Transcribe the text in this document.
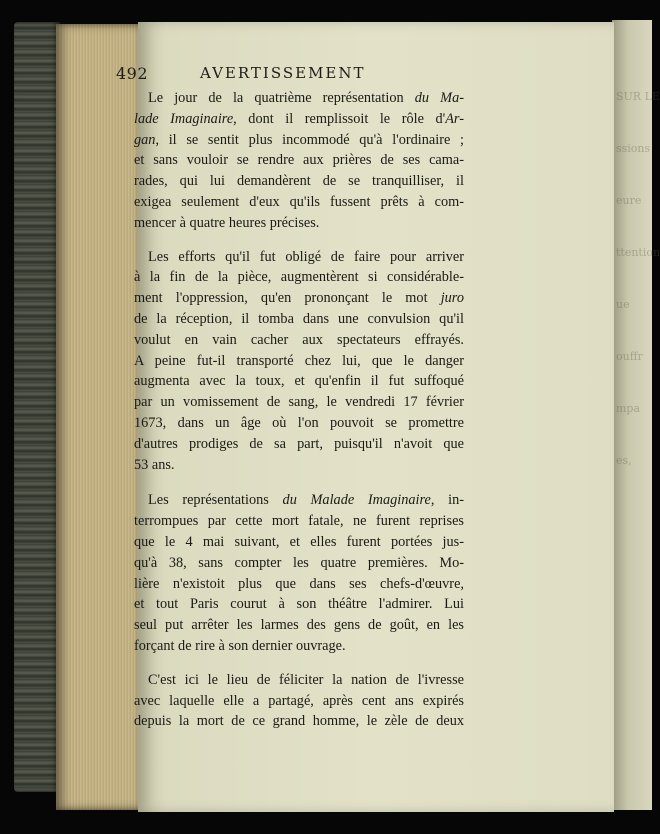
SUR LE
ssions
eure
ttention
ue
ouffr
mpa
es,
492	AVERTISSEMENT
Le jour de la quatrième représentation du Ma-
lade Imaginaire, dont il remplissoit le rôle d'Ar-
gan, il se sentit plus incommodé qu'à l'ordinaire ;
et sans vouloir se rendre aux prières de ses cama-
rades, qui lui demandèrent de se tranquilliser, il
exigea seulement d'eux qu'ils fussent prêts à com-
mencer à quatre heures précises.
Les efforts qu'il fut obligé de faire pour arriver
à la fin de la pièce, augmentèrent si considérable-
ment l'oppression, qu'en prononçant le mot juro
de la réception, il tomba dans une convulsion qu'il
voulut en vain cacher aux spectateurs effrayés.
A peine fut-il transporté chez lui, que le danger
augmenta avec la toux, et qu'enfin il fut suffoqué
par un vomissement de sang, le vendredi 17 février
1673, dans un âge où l'on pouvoit se promettre
d'autres prodiges de sa part, puisqu'il n'avoit que
53 ans.
Les représentations du Malade Imaginaire, in-
terrompues par cette mort fatale, ne furent reprises
que le 4 mai suivant, et elles furent portées jus-
qu'à 38, sans compter les quatre premières. Mo-
lière n'existoit plus que dans ses chefs-d'œuvre,
et tout Paris courut à son théâtre l'admirer. Lui
seul put arrêter les larmes des gens de goût, en les
forçant de rire à son dernier ouvrage.
C'est ici le lieu de féliciter la nation de l'ivresse
avec laquelle elle a partagé, après cent ans expirés
depuis la mort de ce grand homme, le zèle de deux
